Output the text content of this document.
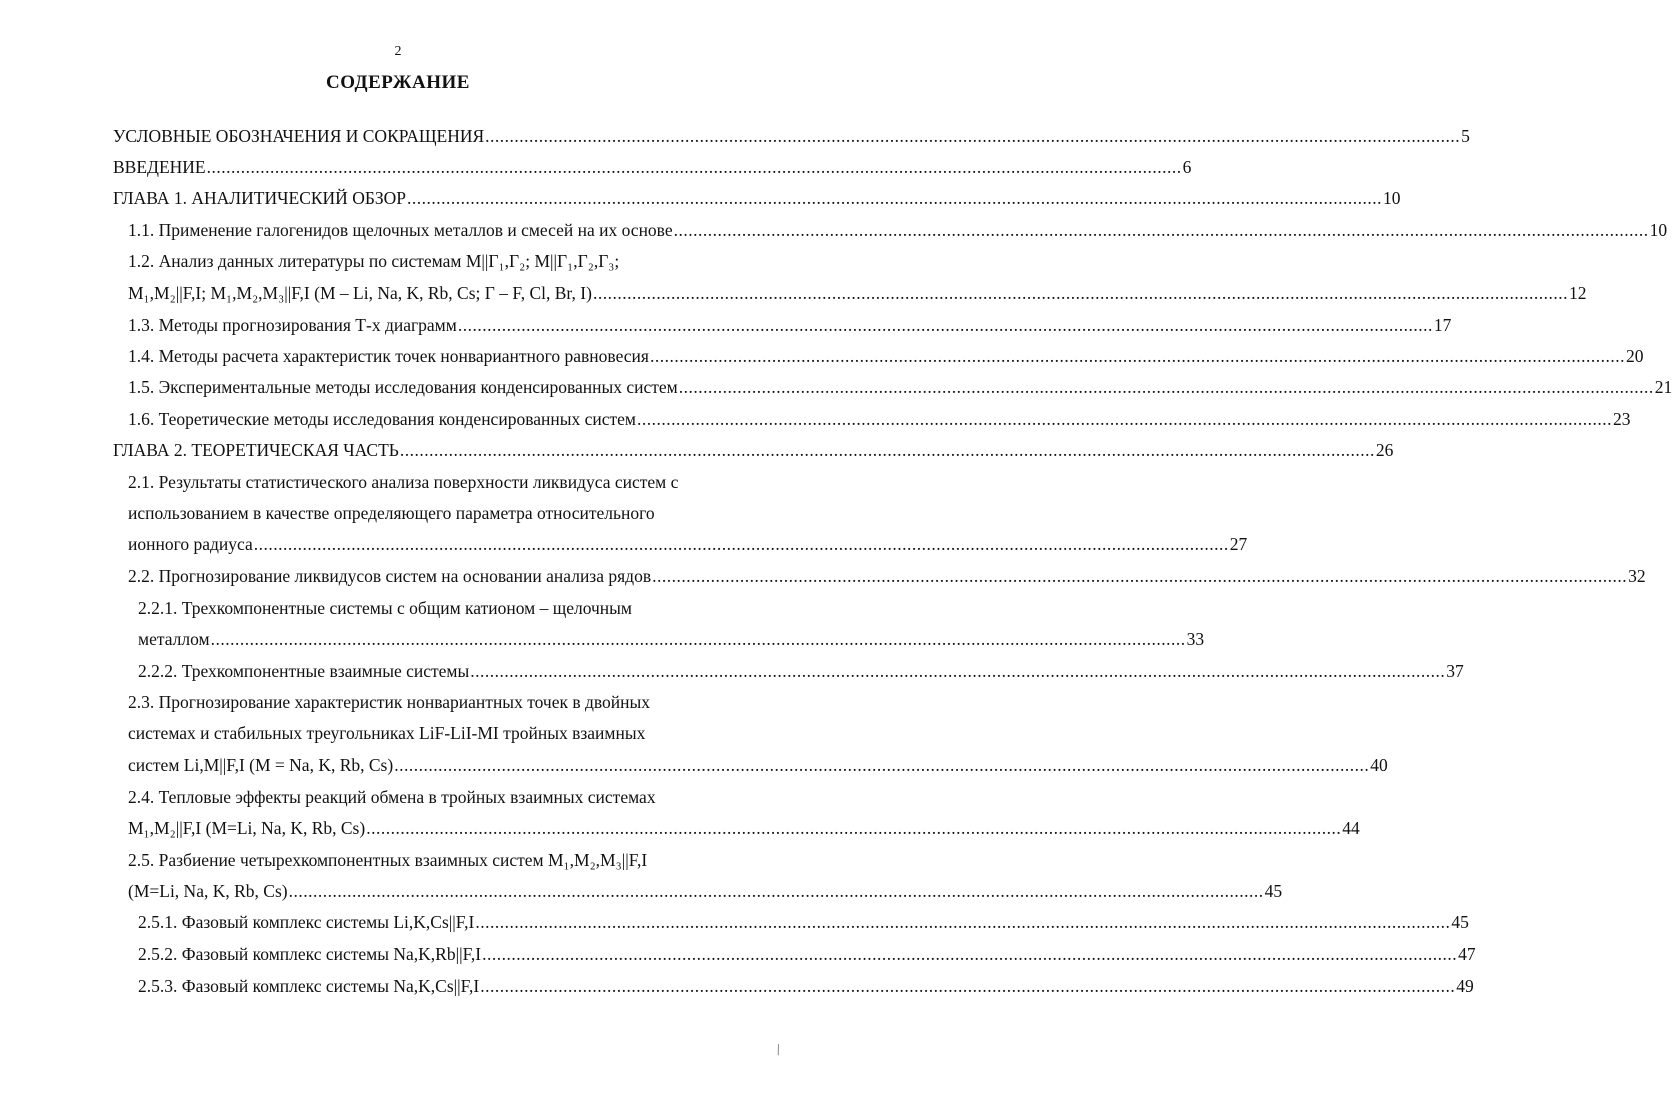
2
СОДЕРЖАНИЕ
УСЛОВНЫЕ ОБОЗНАЧЕНИЯ И СОКРАЩЕНИЯ ........................................................................................................................................................................................................ 5
ВВЕДЕНИЕ ........................................................................................................................................................................................................ 6
ГЛАВА 1. АНАЛИТИЧЕСКИЙ ОБЗОР ........................................................................................................................................................................................................ 10
1.1. Применение галогенидов щелочных металлов и смесей на их основе ........................................................................................................................................................................................................ 10
1.2. Анализ данных литературы по системам M||Г₁,Г₂; M||Г₁,Г₂,Г₃;
M₁,M₂||F,I; M₁,M₂,M₃||F,I (M – Li, Na, K, Rb, Cs; Г – F, Cl, Br, I) ........................................................................................................................................................................................................ 12
1.3. Методы прогнозирования Т-х диаграмм ........................................................................................................................................................................................................ 17
1.4. Методы расчета характеристик точек нонвариантного равновесия ........................................................................................................................................................................................................ 20
1.5. Экспериментальные методы исследования конденсированных систем ........................................................................................................................................................................................................ 21
1.6. Теоретические методы исследования конденсированных систем ........................................................................................................................................................................................................ 23
ГЛАВА 2. ТЕОРЕТИЧЕСКАЯ ЧАСТЬ ........................................................................................................................................................................................................ 26
2.1. Результаты статистического анализа поверхности ликвидуса систем с
использованием в качестве определяющего параметра относительного
ионного радиуса ........................................................................................................................................................................................................ 27
2.2. Прогнозирование ликвидусов систем на основании анализа рядов ........................................................................................................................................................................................................ 32
2.2.1. Трехкомпонентные системы с общим катионом – щелочным
металлом ........................................................................................................................................................................................................ 33
2.2.2. Трехкомпонентные взаимные системы ........................................................................................................................................................................................................ 37
2.3. Прогнозирование характеристик нонвариантных точек в двойных
системах и стабильных треугольниках LiF-LiI-MI тройных взаимных
систем Li,M||F,I (M = Na, K, Rb, Cs) ........................................................................................................................................................................................................ 40
2.4. Тепловые эффекты реакций обмена в тройных взаимных системах
M₁,M₂||F,I (M=Li, Na, K, Rb, Cs) ........................................................................................................................................................................................................ 44
2.5. Разбиение четырехкомпонентных взаимных систем M₁,M₂,M₃||F,I
(M=Li, Na, K, Rb, Cs) ........................................................................................................................................................................................................ 45
2.5.1. Фазовый комплекс системы Li,K,Cs||F,I ........................................................................................................................................................................................................ 45
2.5.2. Фазовый комплекс системы Na,K,Rb||F,I ........................................................................................................................................................................................................ 47
2.5.3. Фазовый комплекс системы Na,K,Cs||F,I ........................................................................................................................................................................................................ 49
⁄
